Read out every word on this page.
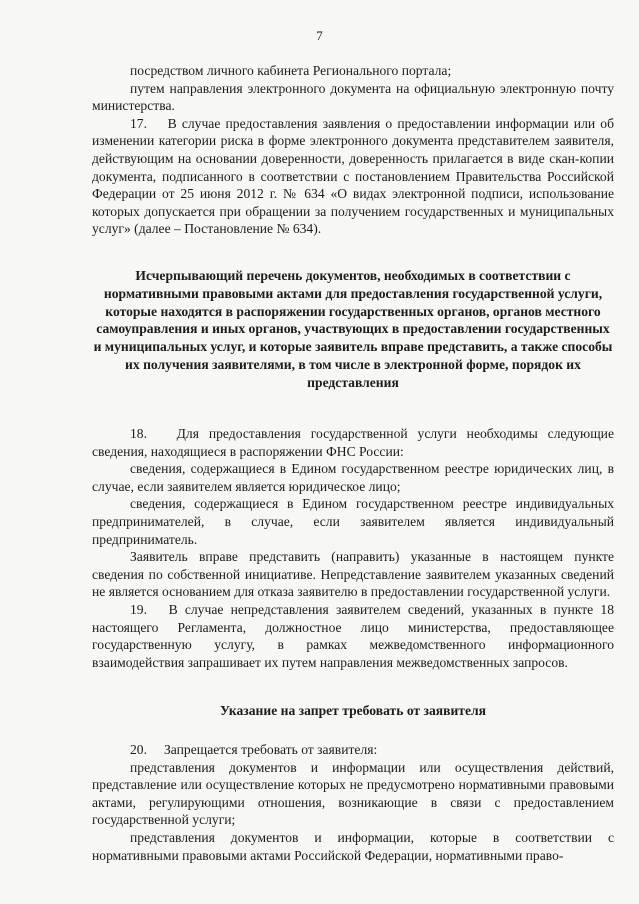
7

посредством личного кабинета Регионального портала;

путем направления электронного документа на официальную электронную почту министерства.

17.    В случае предоставления заявления о предоставлении информации или об изменении категории риска в форме электронного документа представителем заявителя, действующим на основании доверенности, доверенность прилагается в виде скан-копии документа, подписанного в соответствии с постановлением Правительства Российской Федерации от 25 июня 2012 г. № 634 «О видах электронной подписи, использование которых допускается при обращении за получением государственных и муниципальных услуг» (далее – Постановление № 634).

Исчерпывающий перечень документов, необходимых в соответствии с нормативными правовыми актами для предоставления государственной услуги, которые находятся в распоряжении государственных органов, органов местного самоуправления и иных органов, участвующих в предоставлении государственных и муниципальных услуг, и которые заявитель вправе представить, а также способы их получения заявителями, в том числе в электронной форме, порядок их представления

18.   Для предоставления государственной услуги необходимы следующие сведения, находящиеся в распоряжении ФНС России:

сведения, содержащиеся в Едином государственном реестре юридических лиц, в случае, если заявителем является юридическое лицо;

сведения, содержащиеся в Едином государственном реестре индивидуальных предпринимателей, в случае, если заявителем является индивидуальный предприниматель.

Заявитель вправе представить (направить) указанные в настоящем пункте сведения по собственной инициативе. Непредставление заявителем указанных сведений не является основанием для отказа заявителю в предоставлении государственной услуги.

19.   В случае непредставления заявителем сведений, указанных в пункте 18 настоящего Регламента, должностное лицо министерства, предоставляющее государственную услугу, в рамках межведомственного информационного взаимодействия запрашивает их путем направления межведомственных запросов.

Указание на запрет требовать от заявителя

20.     Запрещается требовать от заявителя:

представления документов и информации или осуществления действий, представление или осуществление которых не предусмотрено нормативными правовыми актами, регулирующими отношения, возникающие в связи с предоставлением государственной услуги;

представления документов и информации, которые в соответствии с нормативными правовыми актами Российской Федерации, нормативными право-
